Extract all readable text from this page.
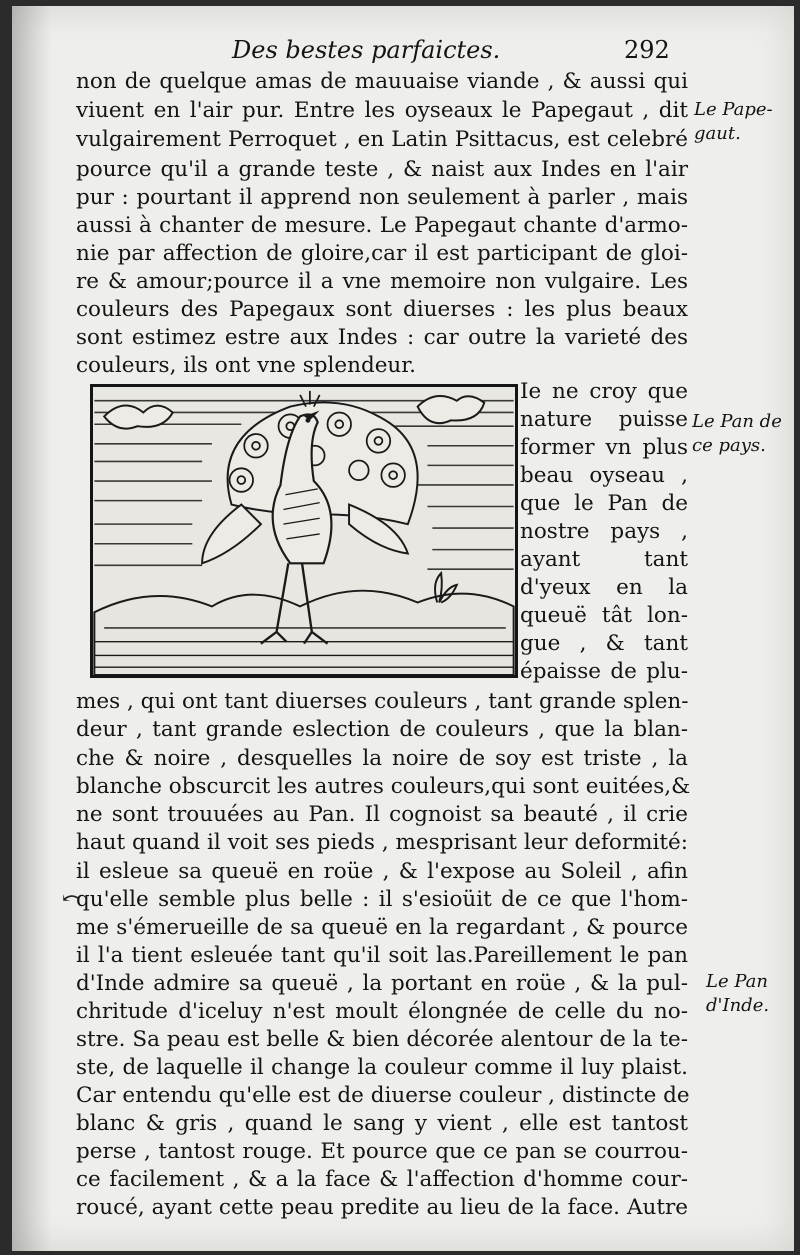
Des bestes parfaictes.	292
non de quelque amas de mauuaise viande , & aussi qui
viuent en l'air pur. Entre les oyseaux le Papegaut , dit
vulgairement Perroquet , en Latin Psittacus, est celebré
pource qu'il a grande teste , & naist aux Indes en l'air
pur : pourtant il apprend non seulement à parler , mais
aussi à chanter de mesure. Le Papegaut chante d'armo-
nie par affection de gloire,car il est participant de gloi-
re & amour;pource il a vne memoire non vulgaire. Les
couleurs des Papegaux sont diuerses : les plus beaux
sont estimez estre aux Indes : car outre la varieté des
couleurs, ils ont vne splendeur.
Ie ne croy que
nature puisse
former vn plus
beau oyseau ,
que le Pan de
nostre pays ,
ayant tant
d'yeux en la
queuë tât lon-
gue , & tant
épaisse de plu-
mes , qui ont tant diuerses couleurs , tant grande splen-
deur , tant grande eslection de couleurs , que la blan-
che & noire , desquelles la noire de soy est triste , la
blanche obscurcit les autres couleurs,qui sont euitées,&
ne sont trouuées au Pan. Il cognoist sa beauté , il crie
haut quand il voit ses pieds , mesprisant leur deformité:
il esleue sa queuë en roüe , & l'expose au Soleil , afin
qu'elle semble plus belle : il s'esioüit de ce que l'hom-
me s'émerueille de sa queuë en la regardant , & pource
il l'a tient esleuée tant qu'il soit las.Pareillement le pan
d'Inde admire sa queuë , la portant en roüe , & la pul-
chritude d'iceluy n'est moult élongnée de celle du no-
stre. Sa peau est belle & bien décorée alentour de la te-
ste, de laquelle il change la couleur comme il luy plaist.
Car entendu qu'elle est de diuerse couleur , distincte de
blanc & gris , quand le sang y vient , elle est tantost
perse , tantost rouge. Et pource que ce pan se courrou-
ce facilement , & a la face & l'affection d'homme cour-
roucé, ayant cette peau predite au lieu de la face. Autre
Le Pape-
gaut.
Le Pan de
ce pays.
Le Pan
d'Inde.
⤺
